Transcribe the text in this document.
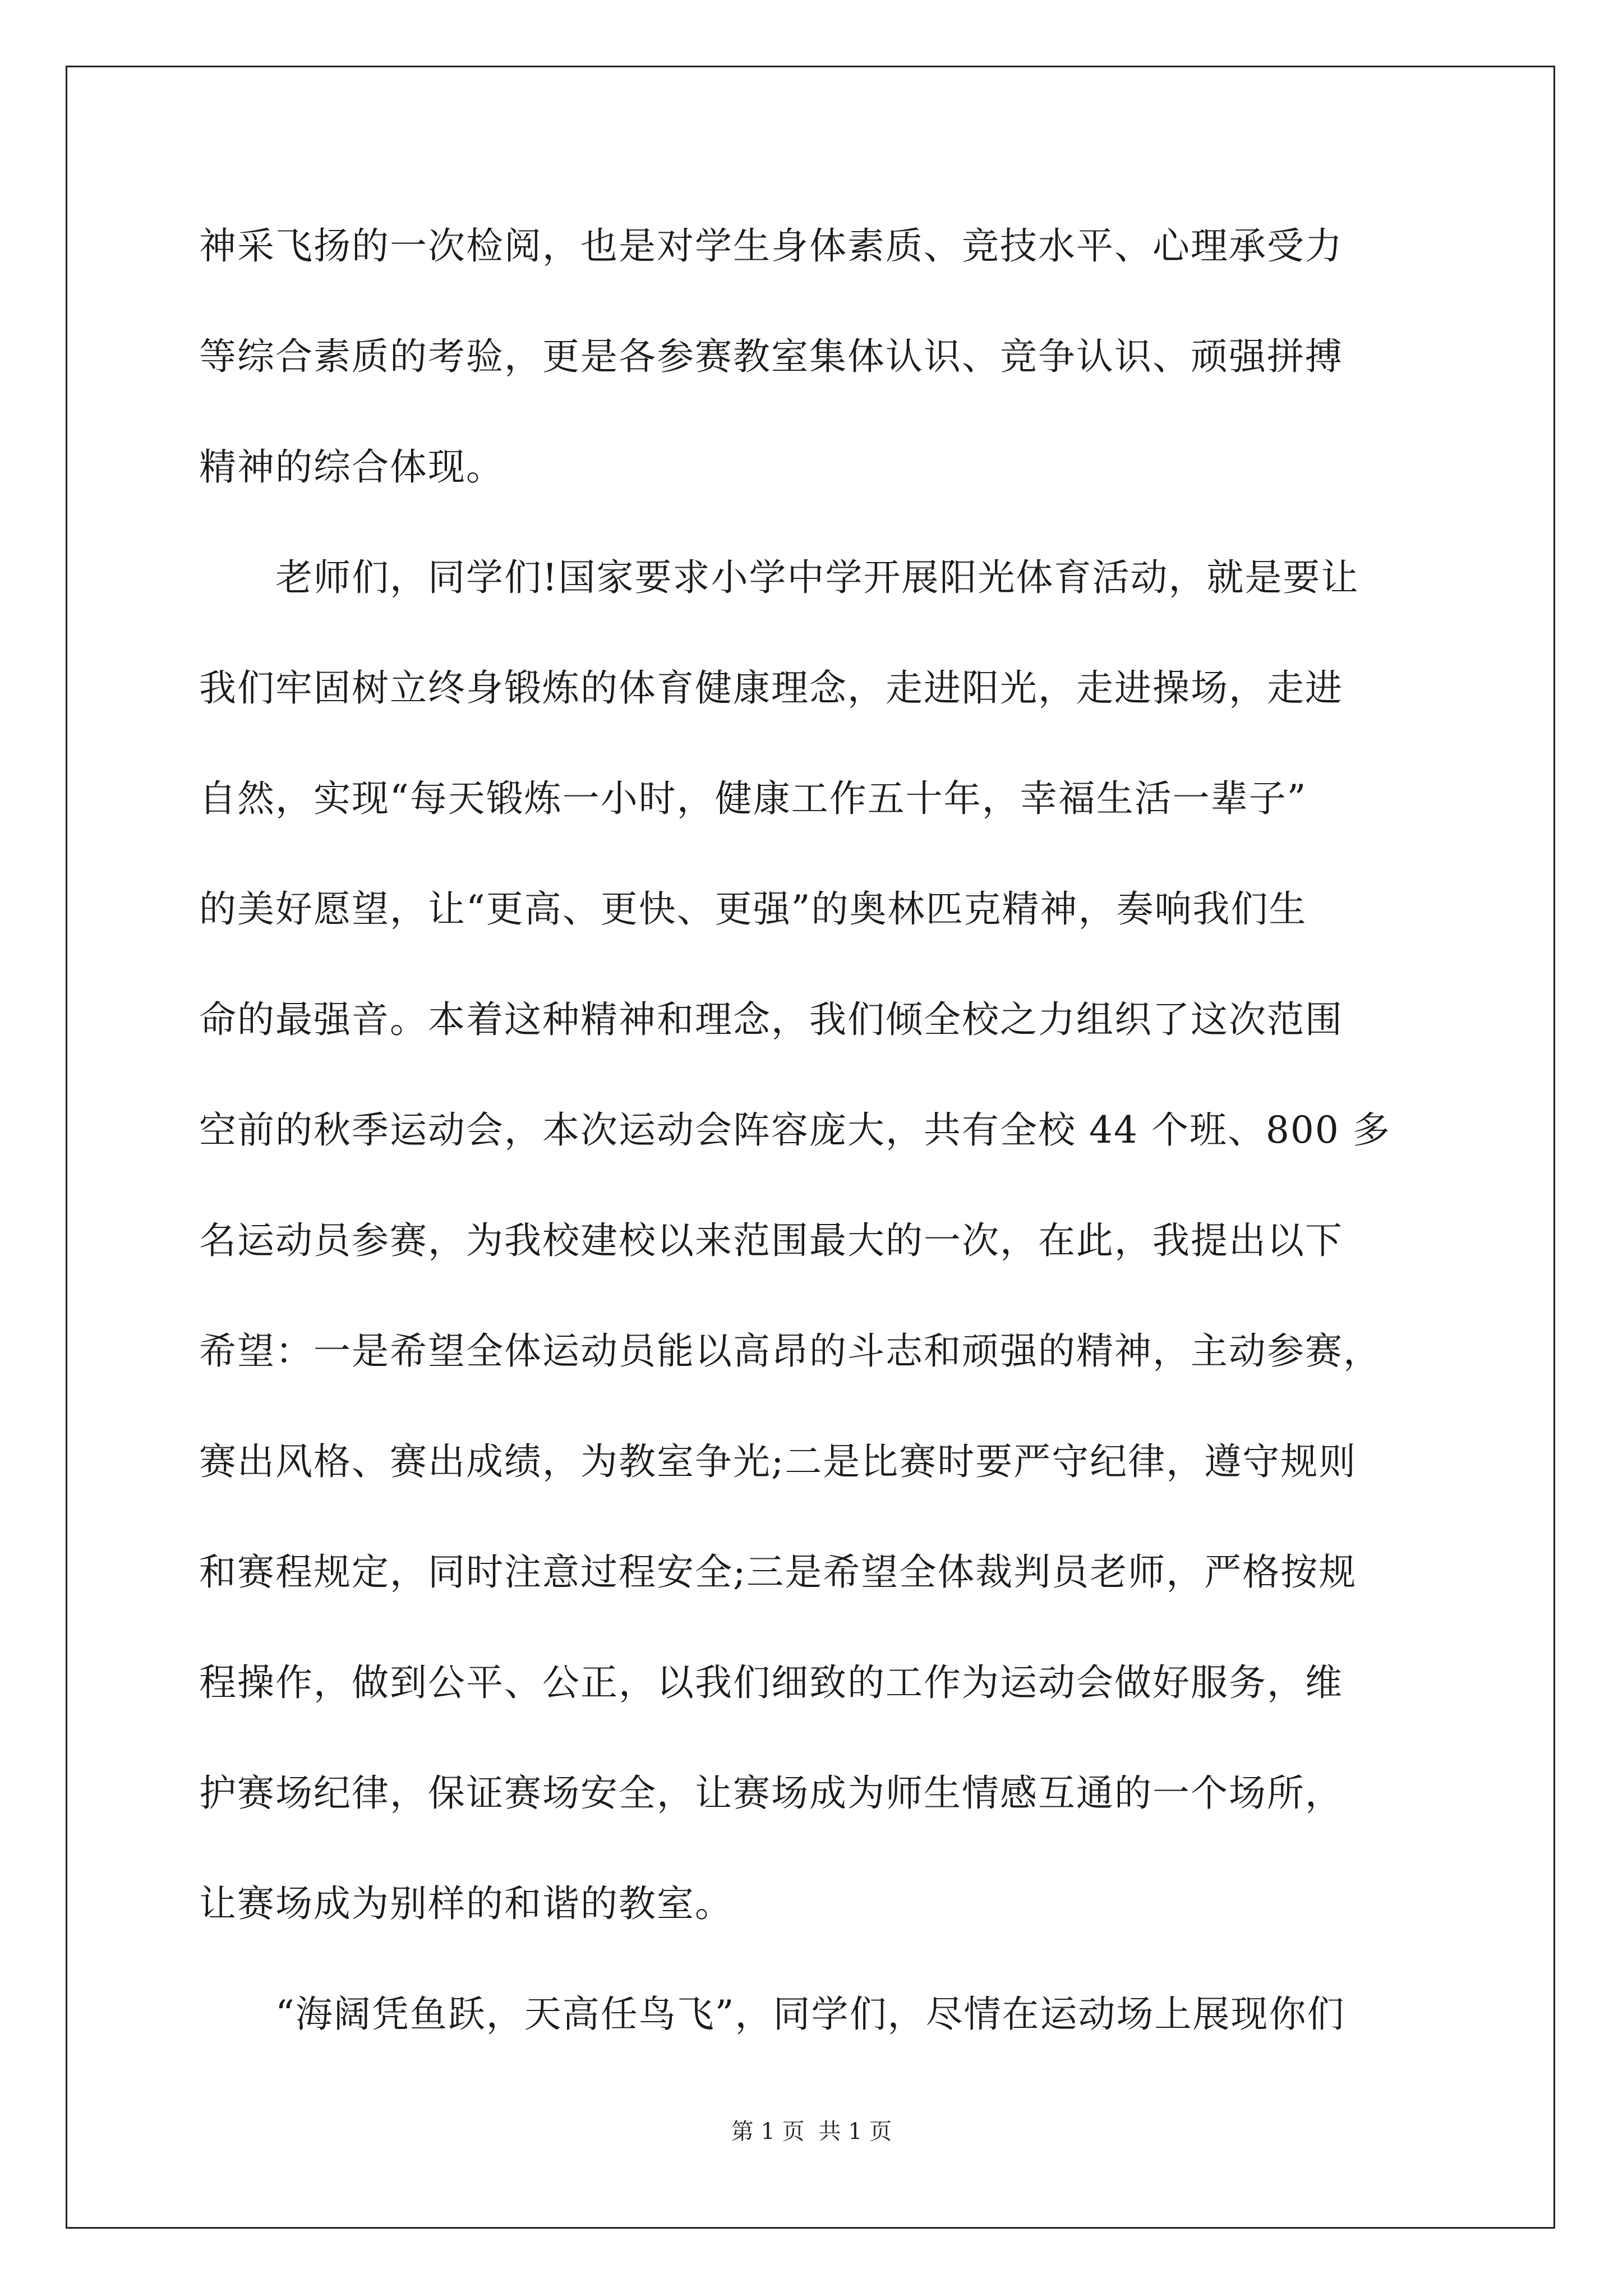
神采飞扬的一次检阅，也是对学生身体素质、竞技水平、心理承受力
等综合素质的考验，更是各参赛教室集体认识、竞争认识、顽强拼搏
精神的综合体现。
　　老师们，同学们!国家要求小学中学开展阳光体育活动，就是要让
我们牢固树立终身锻炼的体育健康理念，走进阳光，走进操场，走进
自然，实现“每天锻炼一小时，健康工作五十年，幸福生活一辈子”
的美好愿望，让“更高、更快、更强”的奥林匹克精神，奏响我们生
命的最强音。本着这种精神和理念，我们倾全校之力组织了这次范围
空前的秋季运动会，本次运动会阵容庞大，共有全校 44 个班、800 多
名运动员参赛，为我校建校以来范围最大的一次，在此，我提出以下
希望：一是希望全体运动员能以高昂的斗志和顽强的精神，主动参赛，
赛出风格、赛出成绩，为教室争光;二是比赛时要严守纪律，遵守规则
和赛程规定，同时注意过程安全;三是希望全体裁判员老师，严格按规
程操作，做到公平、公正，以我们细致的工作为运动会做好服务，维
护赛场纪律，保证赛场安全，让赛场成为师生情感互通的一个场所，
让赛场成为别样的和谐的教室。
　　“海阔凭鱼跃，天高任鸟飞”，同学们，尽情在运动场上展现你们
第 1 页 共 1 页
